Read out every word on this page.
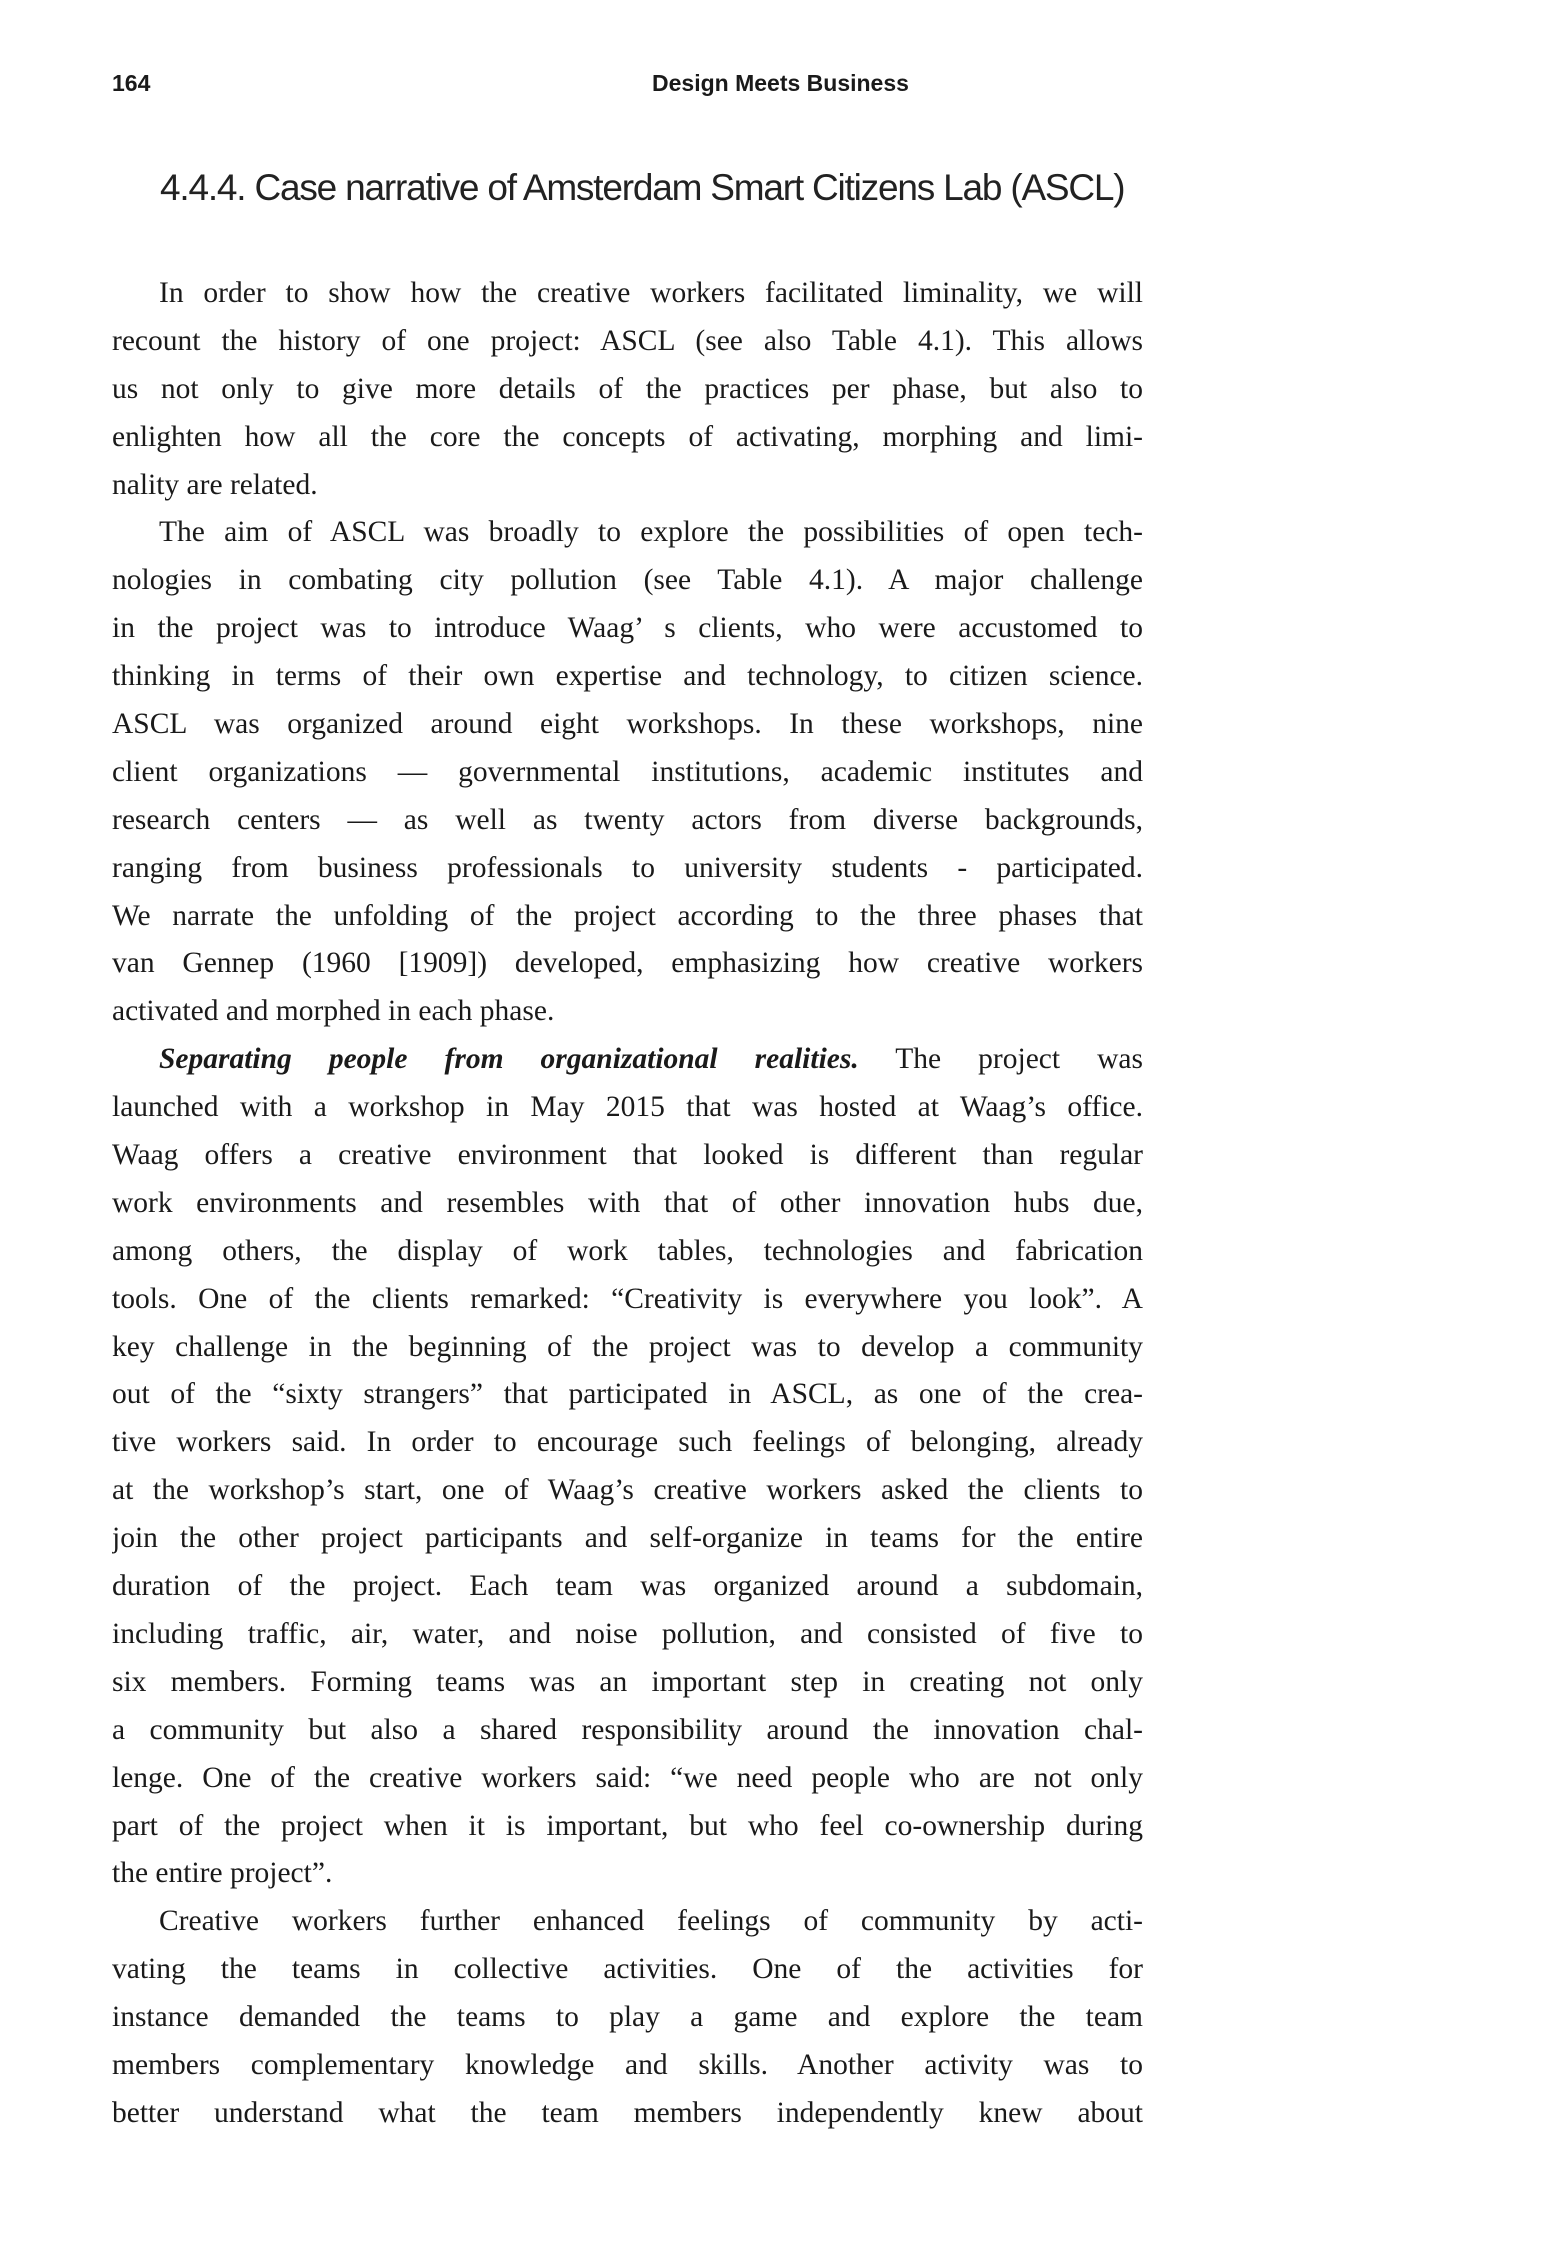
164	Design Meets Business
4.4.4. Case narrative of Amsterdam Smart Citizens Lab (ASCL)
In order to show how the creative workers facilitated liminality, we will
recount the history of one project: ASCL (see also Table 4.1). This allows
us not only to give more details of the practices per phase, but also to
enlighten how all the core the concepts of activating, morphing and limi-
nality are related.
The aim of ASCL was broadly to explore the possibilities of open tech-
nologies in combating city pollution (see Table 4.1). A major challenge
in the project was to introduce Waag’ s clients, who were accustomed to
thinking in terms of their own expertise and technology, to citizen science.
ASCL was organized around eight workshops. In these workshops, nine
client organizations — governmental institutions, academic institutes and
research centers — as well as twenty actors from diverse backgrounds,
ranging from business professionals to university students - participated.
We narrate the unfolding of the project according to the three phases that
van Gennep (1960 [1909]) developed, emphasizing how creative workers
activated and morphed in each phase.
Separating people from organizational realities. The project was
launched with a workshop in May 2015 that was hosted at Waag’s office.
Waag offers a creative environment that looked is different than regular
work environments and resembles with that of other innovation hubs due,
among others, the display of work tables, technologies and fabrication
tools. One of the clients remarked: “Creativity is everywhere you look”. A
key challenge in the beginning of the project was to develop a community
out of the “sixty strangers” that participated in ASCL, as one of the crea-
tive workers said. In order to encourage such feelings of belonging, already
at the workshop’s start, one of Waag’s creative workers asked the clients to
join the other project participants and self-organize in teams for the entire
duration of the project. Each team was organized around a subdomain,
including traffic, air, water, and noise pollution, and consisted of five to
six members. Forming teams was an important step in creating not only
a community but also a shared responsibility around the innovation chal-
lenge. One of the creative workers said: “we need people who are not only
part of the project when it is important, but who feel co-ownership during
the entire project”.
Creative workers further enhanced feelings of community by acti-
vating the teams in collective activities. One of the activities for
instance demanded the teams to play a game and explore the team
members complementary knowledge and skills. Another activity was to
better understand what the team members independently knew about
